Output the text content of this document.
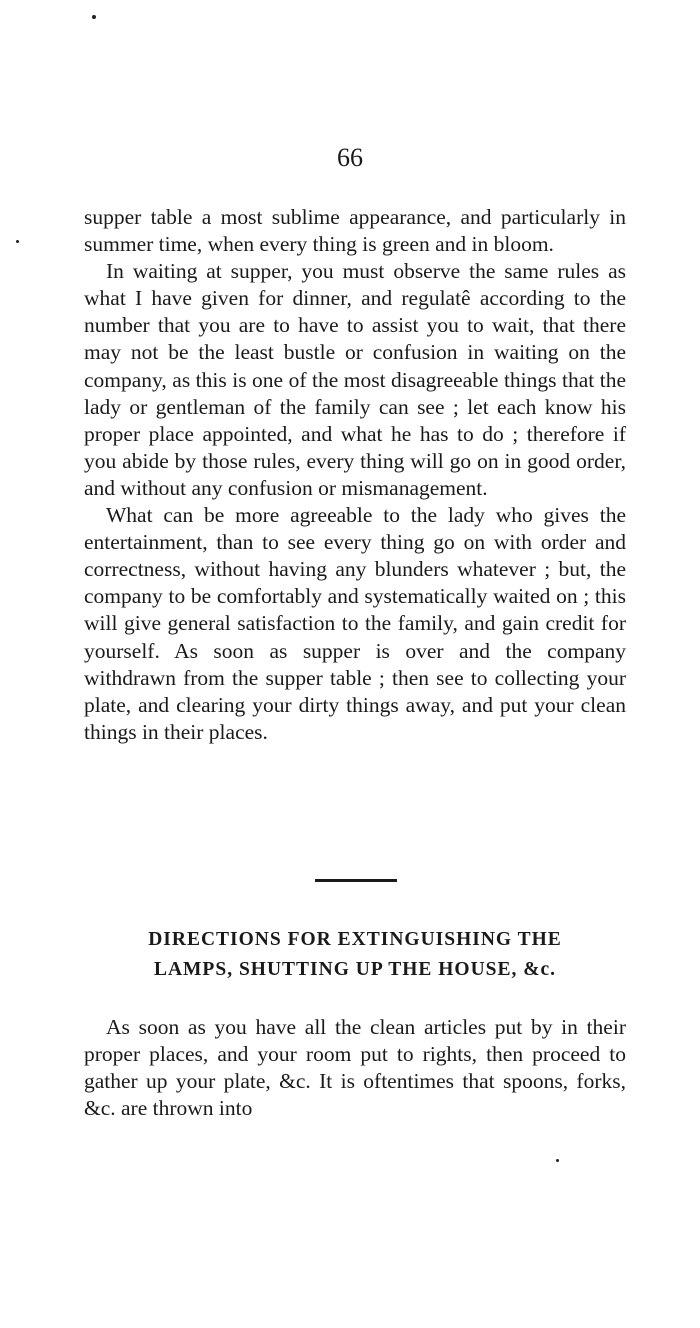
66

supper table a most sublime appearance, and particularly in summer time, when every thing is green and in bloom.

In waiting at supper, you must observe the same rules as what I have given for dinner, and regulatê according to the number that you are to have to assist you to wait, that there may not be the least bustle or confusion in waiting on the company, as this is one of the most disagreeable things that the lady or gentleman of the family can see ; let each know his proper place appointed, and what he has to do ; therefore if you abide by those rules, every thing will go on in good order, and without any confusion or mismanagement.

What can be more agreeable to the lady who gives the entertainment, than to see every thing go on with order and correctness, without having any blunders whatever ; but, the company to be comfortably and systematically waited on ; this will give general satisfaction to the family, and gain credit for yourself. As soon as supper is over and the company withdrawn from the supper table ; then see to collecting your plate, and clearing your dirty things away, and put your clean things in their places.

DIRECTIONS FOR EXTINGUISHING THE
LAMPS, SHUTTING UP THE HOUSE, &c.

As soon as you have all the clean articles put by in their proper places, and your room put to rights, then proceed to gather up your plate, &c. It is oftentimes that spoons, forks, &c. are thrown into
